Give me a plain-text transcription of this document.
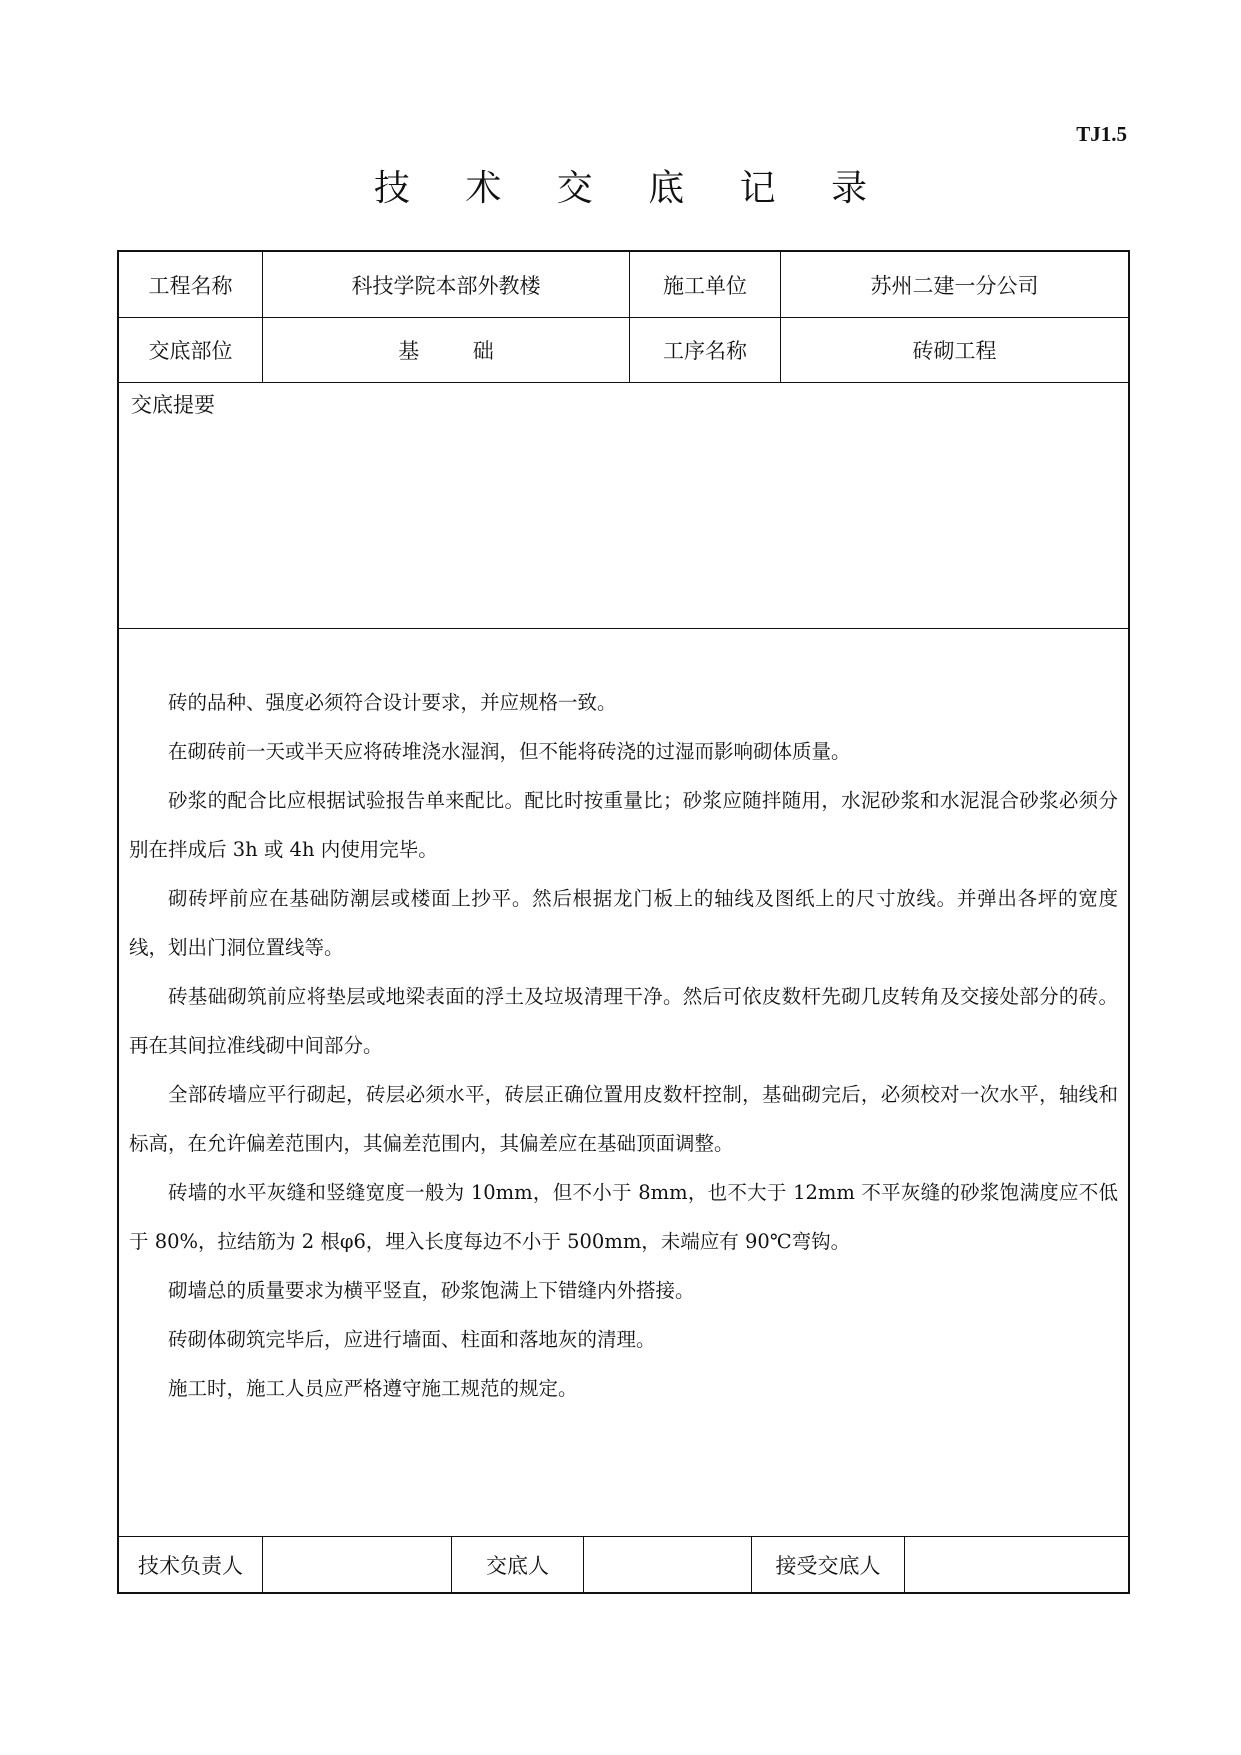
TJ1.5
技 术 交 底 记 录
工程名称	科技学院本部外教楼	施工单位	苏州二建一分公司
交底部位	基        础	工序名称	砖砌工程
交底提要

砖的品种、强度必须符合设计要求，并应规格一致。

在砌砖前一天或半天应将砖堆浇水湿润，但不能将砖浇的过湿而影响砌体质量。

砂浆的配合比应根据试验报告单来配比。配比时按重量比；砂浆应随拌随用，水泥砂浆和水泥混合砂浆必须分别在拌成后 3h 或 4h 内使用完毕。

砌砖坪前应在基础防潮层或楼面上抄平。然后根据龙门板上的轴线及图纸上的尺寸放线。并弹出各坪的宽度线，划出门洞位置线等。

砖基础砌筑前应将垫层或地梁表面的浮土及垃圾清理干净。然后可依皮数杆先砌几皮转角及交接处部分的砖。再在其间拉准线砌中间部分。

全部砖墙应平行砌起，砖层必须水平，砖层正确位置用皮数杆控制，基础砌完后，必须校对一次水平，轴线和标高，在允许偏差范围内，其偏差范围内，其偏差应在基础顶面调整。

砖墙的水平灰缝和竖缝宽度一般为 10mm，但不小于 8mm，也不大于 12mm 不平灰缝的砂浆饱满度应不低于 80%，拉结筋为 2 根φ6，埋入长度每边不小于 500mm，未端应有 90℃弯钩。

砌墙总的质量要求为横平竖直，砂浆饱满上下错缝内外搭接。

砖砌体砌筑完毕后，应进行墙面、柱面和落地灰的清理。

施工时，施工人员应严格遵守施工规范的规定。

技术负责人	交底人	接受交底人
